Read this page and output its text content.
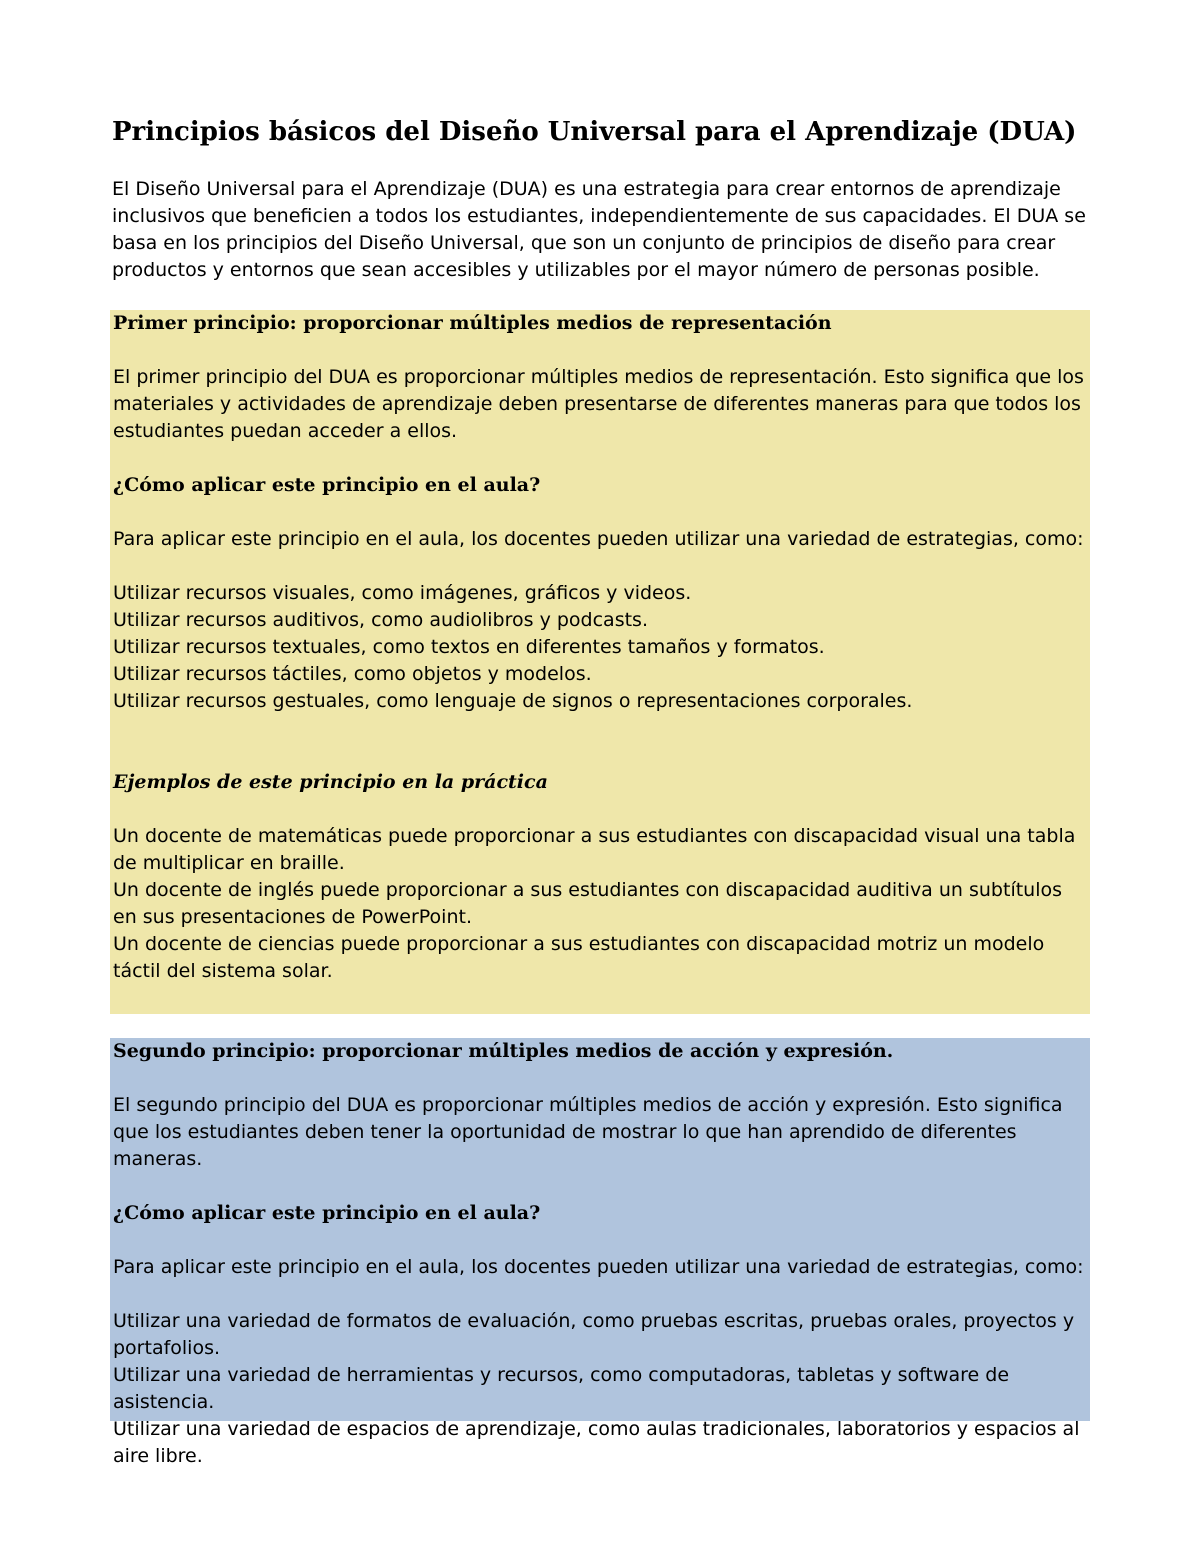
Principios básicos del Diseño Universal para el Aprendizaje (DUA)

El Diseño Universal para el Aprendizaje (DUA) es una estrategia para crear entornos de aprendizaje inclusivos que beneficien a todos los estudiantes, independientemente de sus capacidades. El DUA se basa en los principios del Diseño Universal, que son un conjunto de principios de diseño para crear productos y entornos que sean accesibles y utilizables por el mayor número de personas posible.

Primer principio: proporcionar múltiples medios de representación

El primer principio del DUA es proporcionar múltiples medios de representación. Esto significa que los materiales y actividades de aprendizaje deben presentarse de diferentes maneras para que todos los estudiantes puedan acceder a ellos.

¿Cómo aplicar este principio en el aula?

Para aplicar este principio en el aula, los docentes pueden utilizar una variedad de estrategias, como:

Utilizar recursos visuales, como imágenes, gráficos y videos.
Utilizar recursos auditivos, como audiolibros y podcasts.
Utilizar recursos textuales, como textos en diferentes tamaños y formatos.
Utilizar recursos táctiles, como objetos y modelos.
Utilizar recursos gestuales, como lenguaje de signos o representaciones corporales.

Ejemplos de este principio en la práctica

Un docente de matemáticas puede proporcionar a sus estudiantes con discapacidad visual una tabla de multiplicar en braille.

Un docente de inglés puede proporcionar a sus estudiantes con discapacidad auditiva un subtítulos en sus presentaciones de PowerPoint.

Un docente de ciencias puede proporcionar a sus estudiantes con discapacidad motriz un modelo táctil del sistema solar.

Segundo principio: proporcionar múltiples medios de acción y expresión.

El segundo principio del DUA es proporcionar múltiples medios de acción y expresión. Esto significa que los estudiantes deben tener la oportunidad de mostrar lo que han aprendido de diferentes maneras.

¿Cómo aplicar este principio en el aula?

Para aplicar este principio en el aula, los docentes pueden utilizar una variedad de estrategias, como:

Utilizar una variedad de formatos de evaluación, como pruebas escritas, pruebas orales, proyectos y portafolios.

Utilizar una variedad de herramientas y recursos, como computadoras, tabletas y software de asistencia.

Utilizar una variedad de espacios de aprendizaje, como aulas tradicionales, laboratorios y espacios al aire libre.
